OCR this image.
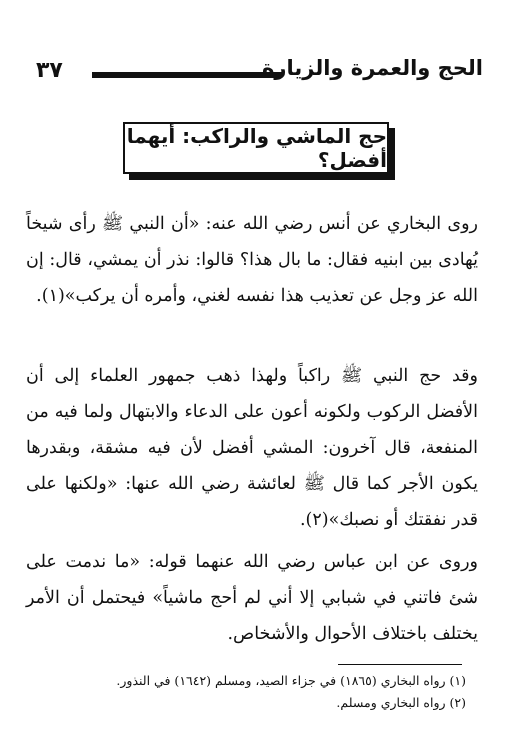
٣٧	الحج والعمرة والزيارة
حج الماشي والراكب: أيهما أفضل؟

روى البخاري عن أنس رضي الله عنه: «أن النبي ﷺ رأى شيخاً يُهادى بين ابنيه فقال: ما بال هذا؟ قالوا: نذر أن يمشي، قال: إن الله عز وجل عن تعذيب هذا نفسه لغني، وأمره أن يركب»(١).

وقد حج النبي ﷺ راكباً ولهذا ذهب جمهور العلماء إلى أن الأفضل الركوب ولكونه أعون على الدعاء والابتهال ولما فيه من المنفعة، قال آخرون: المشي أفضل لأن فيه مشقة، وبقدرها يكون الأجر كما قال ﷺ لعائشة رضي الله عنها: «ولكنها على قدر نفقتك أو نصبك»(٢).

وروى عن ابن عباس رضي الله عنهما قوله: «ما ندمت على شئ فاتني في شبابي إلا أني لم أحج ماشياً» فيحتمل أن الأمر يختلف باختلاف الأحوال والأشخاص.

(١) رواه البخاري (١٨٦٥) في جزاء الصيد، ومسلم (١٦٤٢) في النذور.
(٢) رواه البخاري ومسلم.
